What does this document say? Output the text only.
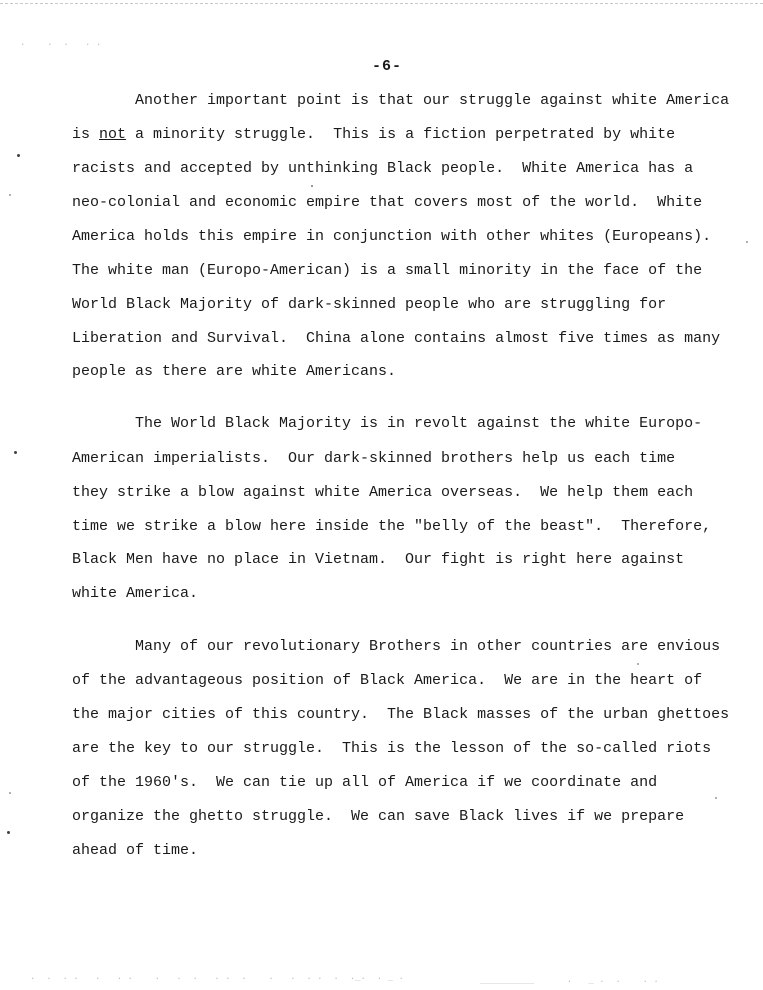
-6-
Another important point is that our struggle against white America
is not a minority struggle.  This is a fiction perpetrated by white
racists and accepted by unthinking Black people.  White America has a
neo-colonial and economic empire that covers most of the world.  White
America holds this empire in conjunction with other whites (Europeans).
The white man (Europo-American) is a small minority in the face of the
World Black Majority of dark-skinned people who are struggling for
Liberation and Survival.  China alone contains almost five times as many
people as there are white Americans.
The World Black Majority is in revolt against the white Europo-
American imperialists.  Our dark-skinned brothers help us each time
they strike a blow against white America overseas.  We help them each
time we strike a blow here inside the "belly of the beast".  Therefore,
Black Men have no place in Vietnam.  Our fight is right here against
white America.
Many of our revolutionary Brothers in other countries are envious
of the advantageous position of Black America.  We are in the heart of
the major cities of this country.  The Black masses of the urban ghettoes
are the key to our struggle.  This is the lesson of the so-called riots
of the 1960's.  We can tie up all of America if we coordinate and
organize the ghetto struggle.  We can save Black lives if we prepare
ahead of time.
.    .  .   . .
.  .  . .   .   . .    .   .  .   . .  .    .   .  . .  .  ._.  . _ .	__________      .   _ .  .    . .
